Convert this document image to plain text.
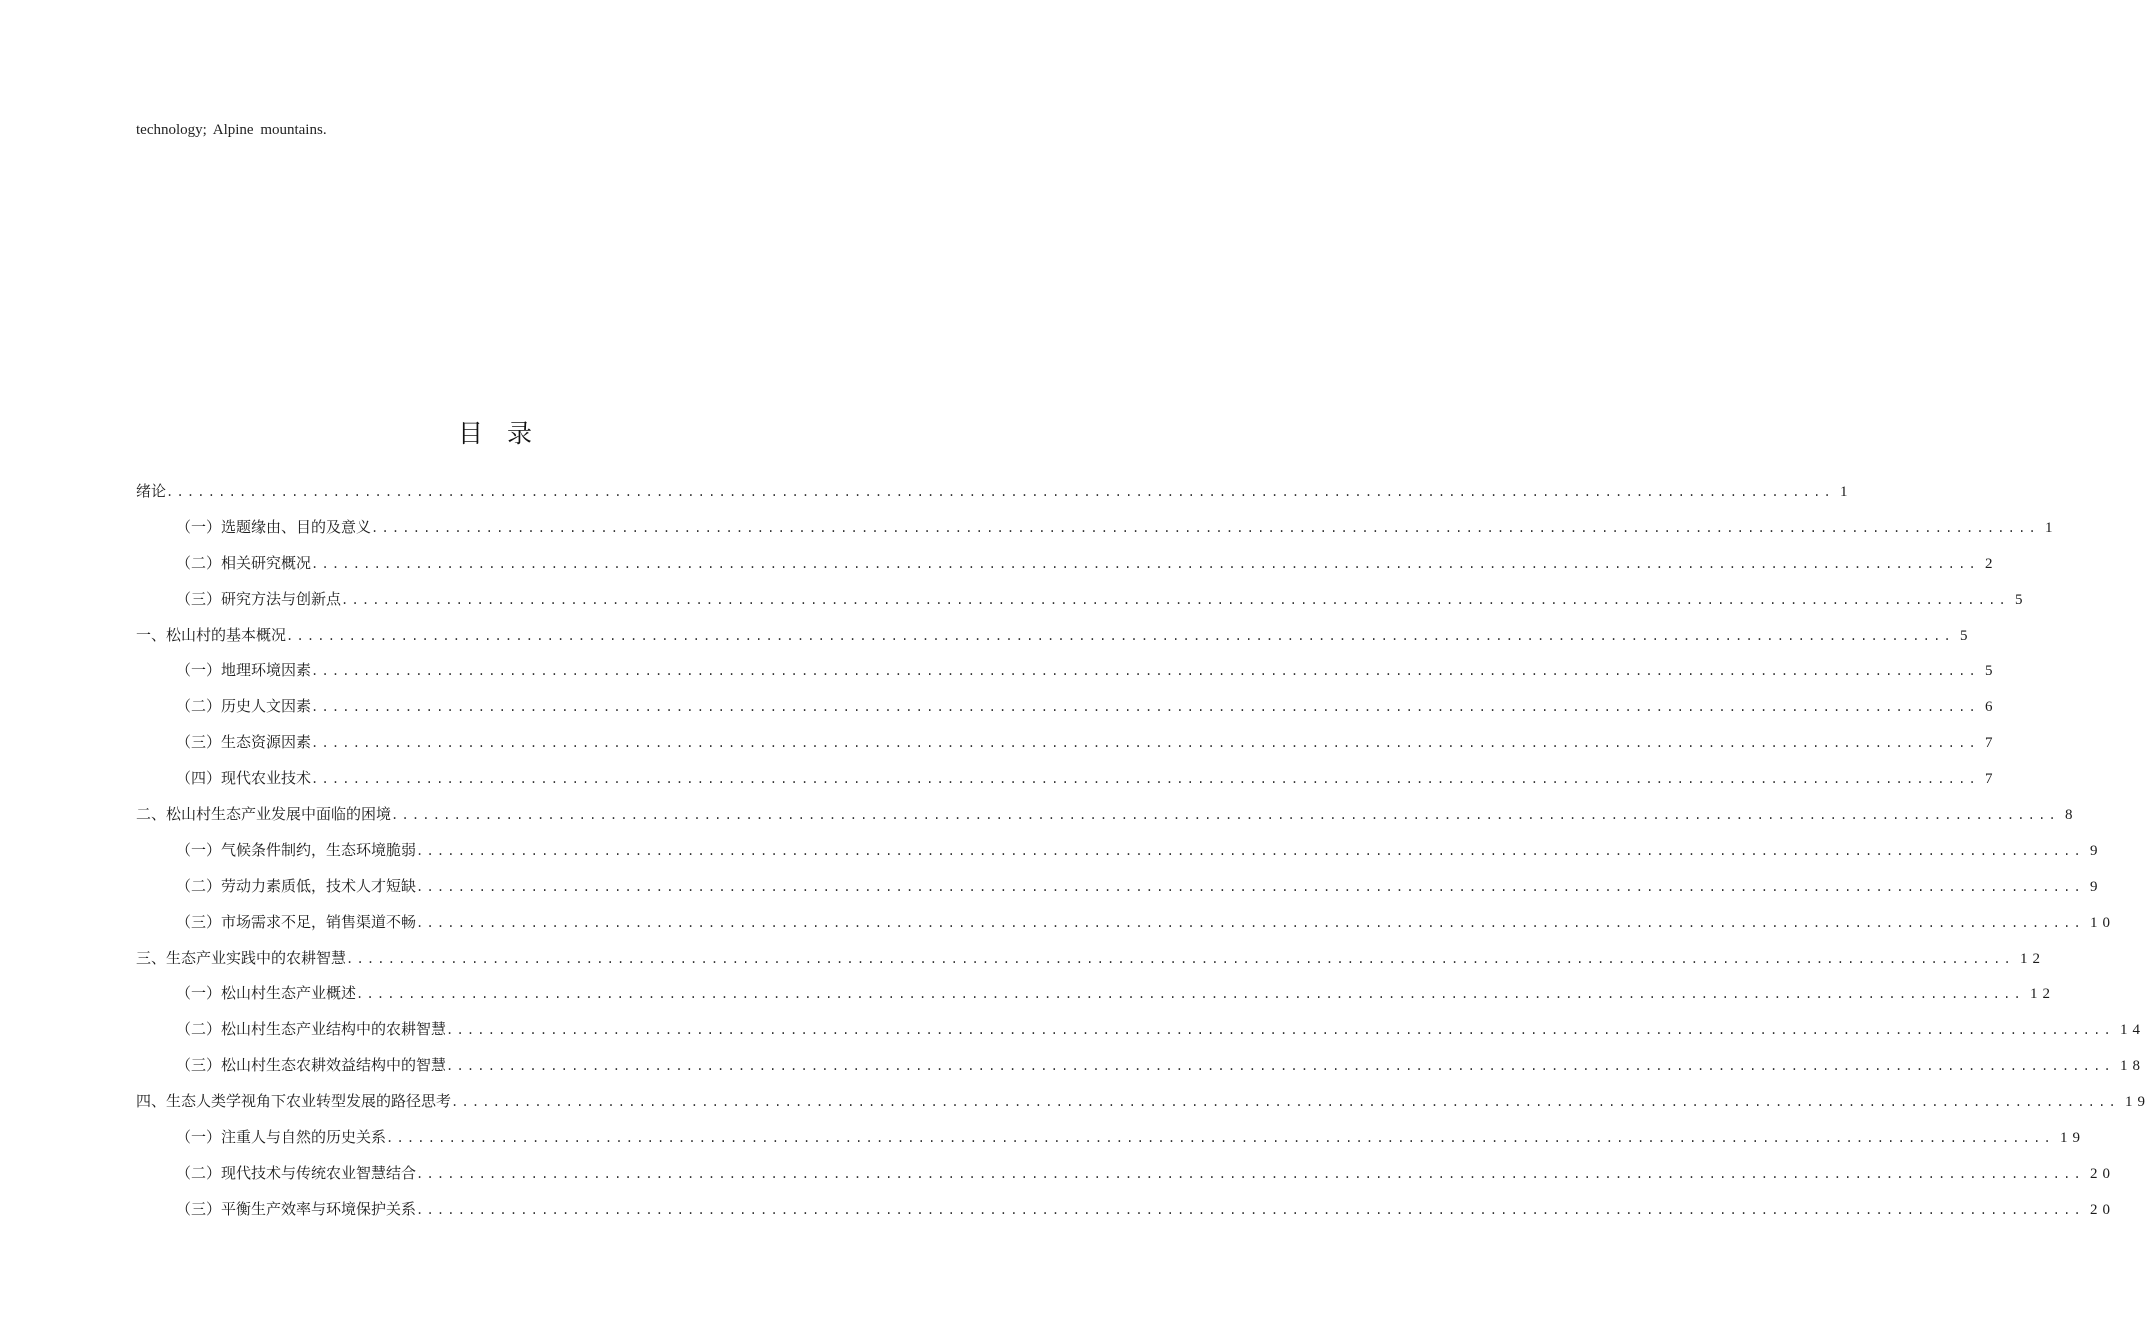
technology; Alpine mountains.
目 录
绪论 ................................................................................................................................................................ 1
（一）选题缘由、目的及意义 ................................................................................................................................................................ 1
（二）相关研究概况 ................................................................................................................................................................ 2
（三）研究方法与创新点 ................................................................................................................................................................ 5
一、松山村的基本概况 ................................................................................................................................................................ 5
（一）地理环境因素 ................................................................................................................................................................ 5
（二）历史人文因素 ................................................................................................................................................................ 6
（三）生态资源因素 ................................................................................................................................................................ 7
（四）现代农业技术 ................................................................................................................................................................ 7
二、松山村生态产业发展中面临的困境 ................................................................................................................................................................ 8
（一）气候条件制约，生态环境脆弱 ................................................................................................................................................................ 9
（二）劳动力素质低，技术人才短缺 ................................................................................................................................................................ 9
（三）市场需求不足，销售渠道不畅 ................................................................................................................................................................ 10
三、生态产业实践中的农耕智慧 ................................................................................................................................................................ 12
（一）松山村生态产业概述 ................................................................................................................................................................ 12
（二）松山村生态产业结构中的农耕智慧 ................................................................................................................................................................ 14
（三）松山村生态农耕效益结构中的智慧 ................................................................................................................................................................ 18
四、生态人类学视角下农业转型发展的路径思考 ................................................................................................................................................................ 19
（一）注重人与自然的历史关系 ................................................................................................................................................................ 19
（二）现代技术与传统农业智慧结合 ................................................................................................................................................................ 20
（三）平衡生产效率与环境保护关系 ................................................................................................................................................................ 20
